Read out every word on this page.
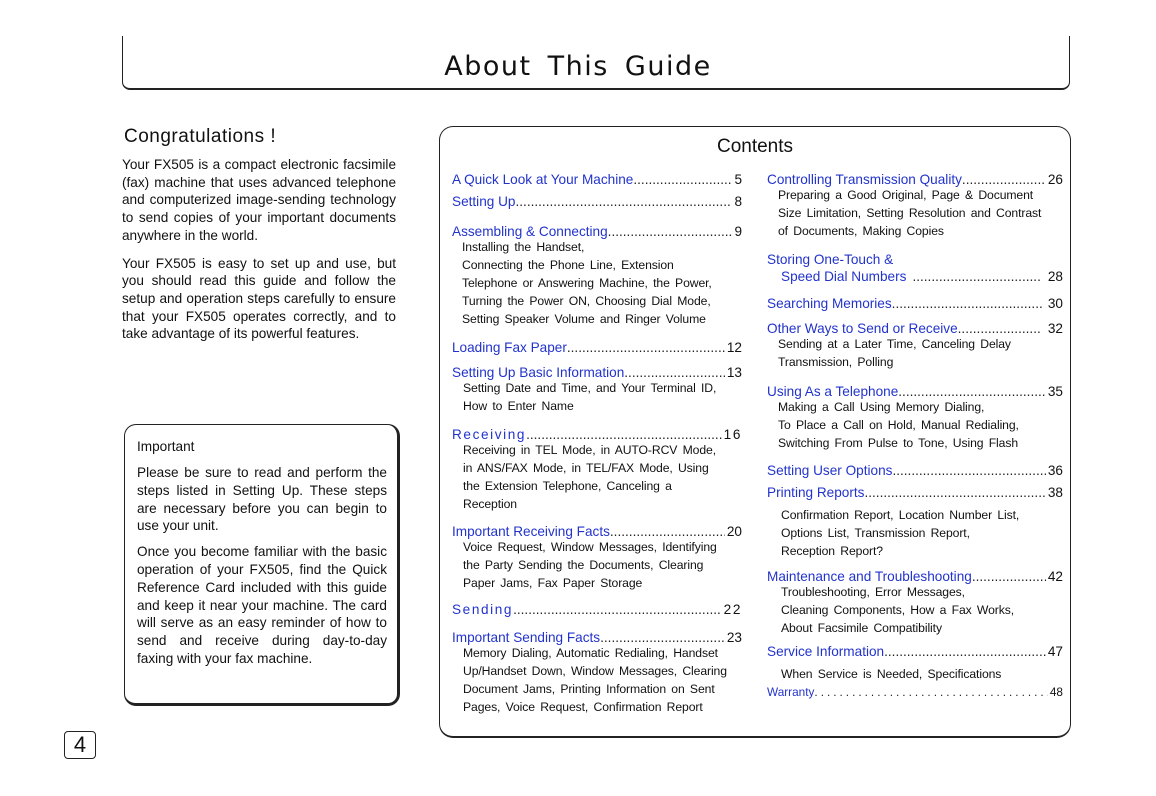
About This Guide
Congratulations !

Your FX505 is a compact electronic facsimile (fax) machine that uses advanced telephone and computerized image-sending technology to send copies of your important documents anywhere in the world.

Your FX505 is easy to set up and use, but you should read this guide and follow the setup and operation steps carefully to ensure that your FX505 operates correctly, and to take advantage of its powerful features.

Important

Please be sure to read and perform the steps listed in Setting Up. These steps are necessary before you can begin to use your unit.

Once you become familiar with the basic operation of your FX505, find the Quick Reference Card included with this guide and keep it near your machine. The card will serve as an easy reminder of how to send and receive during day-to-day faxing with your fax machine.

Contents
A Quick Look at Your Machine .....	5
Setting Up .....	8
Assembling & Connecting .....	9
Installing the Handset,
Connecting the Phone Line, Extension
Telephone or Answering Machine, the Power,
Turning the Power ON, Choosing Dial Mode,
Setting Speaker Volume and Ringer Volume
Loading Fax Paper .....	12
Setting Up Basic Information .....	13
Setting Date and Time, and Your Terminal ID,
How to Enter Name
Receiving .....	16
Receiving in TEL Mode, in AUTO-RCV Mode,
in ANS/FAX Mode, in TEL/FAX Mode, Using
the Extension Telephone, Canceling a
Reception
Important Receiving Facts .....	20
Voice Request, Window Messages, Identifying
the Party Sending the Documents, Clearing
Paper Jams, Fax Paper Storage
Sending .....	22
Important Sending Facts .....	23
Memory Dialing, Automatic Redialing, Handset
Up/Handset Down, Window Messages, Clearing
Document Jams, Printing Information on Sent
Pages, Voice Request, Confirmation Report
Controlling Transmission Quality .....	26
Preparing a Good Original, Page & Document
Size Limitation, Setting Resolution and Contrast
of Documents, Making Copies
Storing One-Touch &
Speed Dial Numbers .....	28
Searching Memories .....	30
Other Ways to Send or Receive .....	32
Sending at a Later Time, Canceling Delay
Transmission, Polling
Using As a Telephone .....	35
Making a Call Using Memory Dialing,
To Place a Call on Hold, Manual Redialing,
Switching From Pulse to Tone, Using Flash
Setting User Options .....	36
Printing Reports .....	38
Confirmation Report, Location Number List,
Options List, Transmission Report,
Reception Report?
Maintenance and Troubleshooting .....	42
Troubleshooting, Error Messages,
Cleaning Components, How a Fax Works,
About Facsimile Compatibility
Service Information .....	47
When Service is Needed, Specifications
Warranty .....	48
4
